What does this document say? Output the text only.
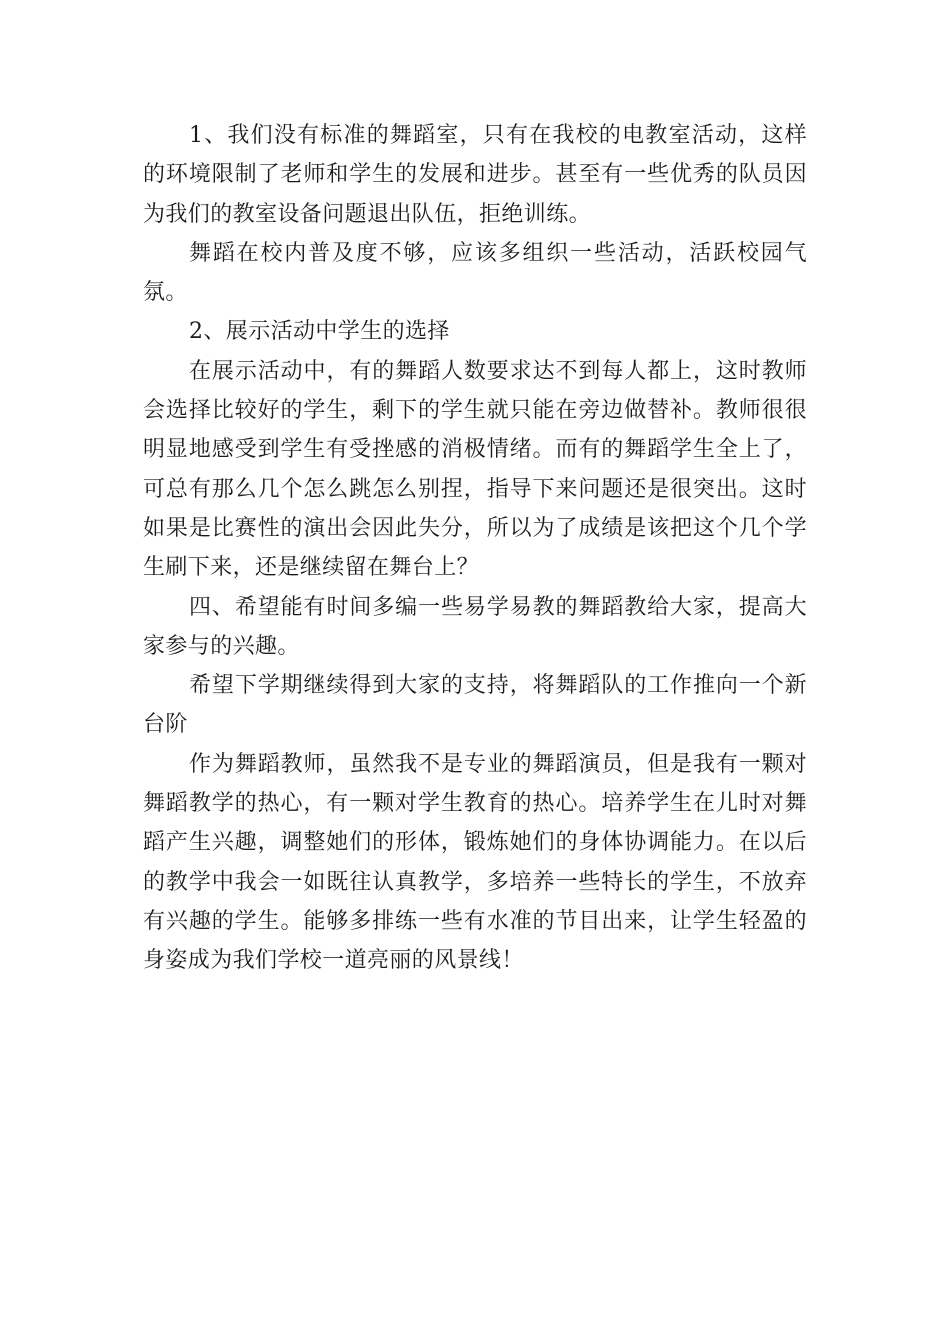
1、我们没有标准的舞蹈室，只有在我校的电教室活动，这样的环境限制了老师和学生的发展和进步。甚至有一些优秀的队员因为我们的教室设备问题退出队伍，拒绝训练。

舞蹈在校内普及度不够，应该多组织一些活动，活跃校园气氛。

2、展示活动中学生的选择

在展示活动中，有的舞蹈人数要求达不到每人都上，这时教师会选择比较好的学生，剩下的学生就只能在旁边做替补。教师很很明显地感受到学生有受挫感的消极情绪。而有的舞蹈学生全上了，可总有那么几个怎么跳怎么别捏，指导下来问题还是很突出。这时如果是比赛性的演出会因此失分，所以为了成绩是该把这个几个学生刷下来，还是继续留在舞台上？

四、希望能有时间多编一些易学易教的舞蹈教给大家，提高大家参与的兴趣。

希望下学期继续得到大家的支持，将舞蹈队的工作推向一个新台阶

作为舞蹈教师，虽然我不是专业的舞蹈演员，但是我有一颗对舞蹈教学的热心，有一颗对学生教育的热心。培养学生在儿时对舞蹈产生兴趣，调整她们的形体，锻炼她们的身体协调能力。在以后的教学中我会一如既往认真教学，多培养一些特长的学生，不放弃有兴趣的学生。能够多排练一些有水准的节目出来，让学生轻盈的身姿成为我们学校一道亮丽的风景线！
